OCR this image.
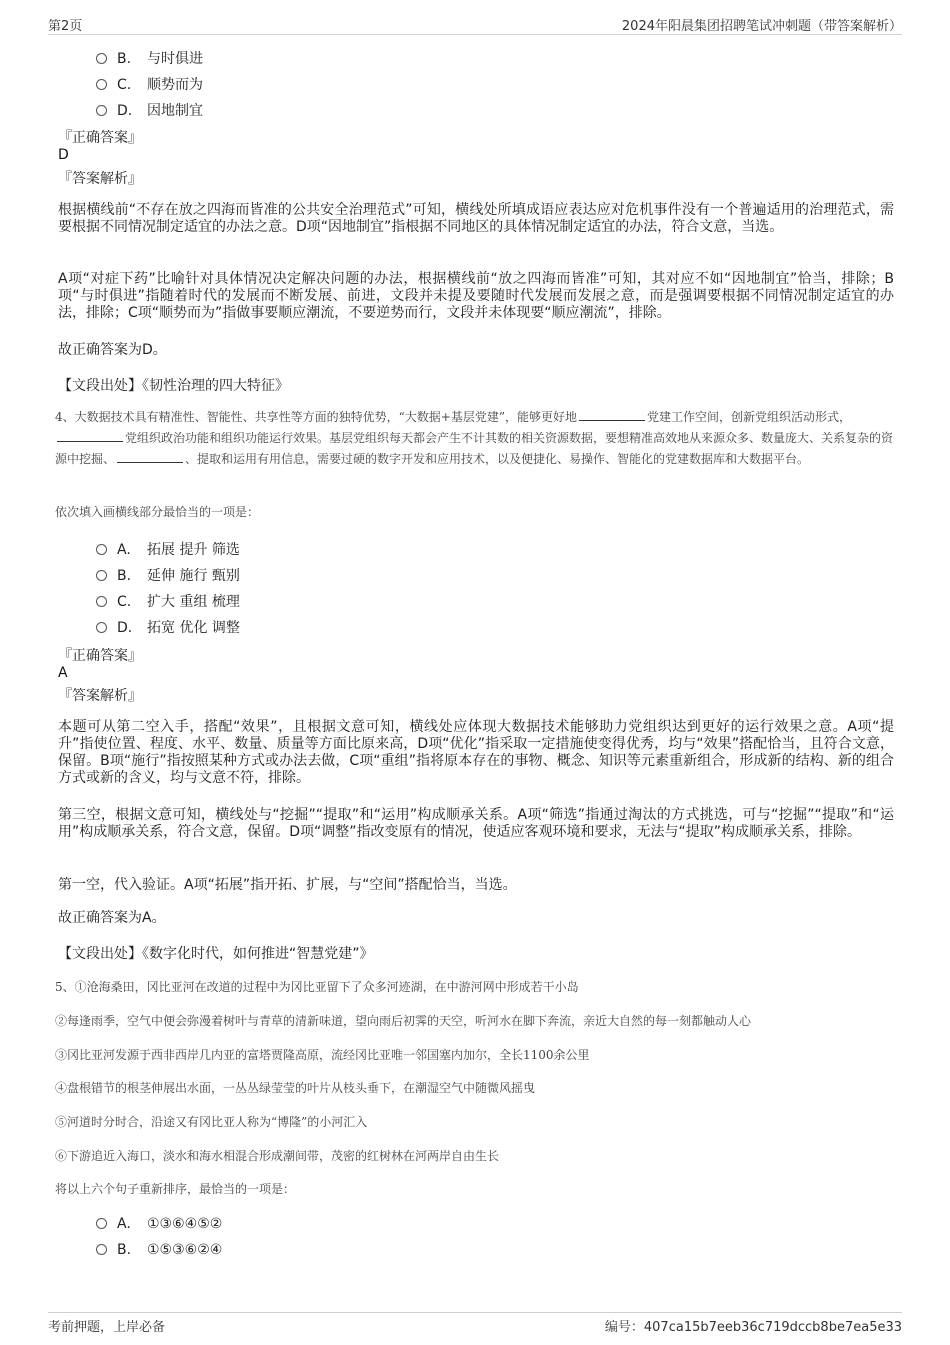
第2页	2024年阳晨集团招聘笔试冲刺题（带答案解析）
B. 与时俱进
C. 顺势而为
D. 因地制宜
『正确答案』
D
『答案解析』
根据横线前“不存在放之四海而皆准的公共安全治理范式”可知，横线处所填成语应表达应对危机事件没有一个普遍适用的治理范式，需要根据不同情况制定适宜的办法之意。D项“因地制宜”指根据不同地区的具体情况制定适宜的办法，符合文意，当选。
A项“对症下药”比喻针对具体情况决定解决问题的办法，根据横线前“放之四海而皆准”可知，其对应不如“因地制宜”恰当，排除；B项“与时俱进”指随着时代的发展而不断发展、前进，文段并未提及要随时代发展而发展之意，而是强调要根据不同情况制定适宜的办法，排除；C项“顺势而为”指做事要顺应潮流，不要逆势而行，文段并未体现要“顺应潮流”，排除。
故正确答案为D。
【文段出处】《韧性治理的四大特征》
4、大数据技术具有精准性、智能性、共享性等方面的独特优势，“大数据+基层党建”，能够更好地	党建工作空间，创新党组织活动形式，党组织政治功能和组织功能运行效果。基层党组织每天都会产生不计其数的相关资源数据，要想精准高效地从来源众多、数量庞大、关系复杂的资源中挖掘、	、提取和运用有用信息，需要过硬的数字开发和应用技术，以及便捷化、易操作、智能化的党建数据库和大数据平台。
依次填入画横线部分最恰当的一项是：
A. 拓展 提升 筛选
B. 延伸 施行 甄别
C. 扩大 重组 梳理
D. 拓宽 优化 调整
『正确答案』
A
『答案解析』
本题可从第二空入手，搭配“效果”，且根据文意可知，横线处应体现大数据技术能够助力党组织达到更好的运行效果之意。A项“提升”指使位置、程度、水平、数量、质量等方面比原来高，D项“优化”指采取一定措施使变得优秀，均与“效果”搭配恰当，且符合文意，保留。B项“施行”指按照某种方式或办法去做，C项“重组”指将原本存在的事物、概念、知识等元素重新组合，形成新的结构、新的组合方式或新的含义，均与文意不符，排除。
第三空，根据文意可知，横线处与“挖掘”“提取”和“运用”构成顺承关系。A项“筛选”指通过淘汰的方式挑选，可与“挖掘”“提取”和“运用”构成顺承关系，符合文意，保留。D项“调整”指改变原有的情况，使适应客观环境和要求，无法与“提取”构成顺承关系，排除。
第一空，代入验证。A项“拓展”指开拓、扩展，与“空间”搭配恰当，当选。
故正确答案为A。
【文段出处】《数字化时代，如何推进“智慧党建”》
5、①沧海桑田，冈比亚河在改道的过程中为冈比亚留下了众多河迹湖，在中游河网中形成若干小岛
②每逢雨季，空气中便会弥漫着树叶与青草的清新味道，望向雨后初霁的天空，听河水在脚下奔流，亲近大自然的每一刻都触动人心
③冈比亚河发源于西非西岸几内亚的富塔贾隆高原，流经冈比亚唯一邻国塞内加尔，全长1100余公里
④盘根错节的根茎伸展出水面，一丛丛绿莹莹的叶片从枝头垂下，在潮湿空气中随微风摇曳
⑤河道时分时合，沿途又有冈比亚人称为“博隆”的小河汇入
⑥下游追近入海口，淡水和海水相混合形成潮间带，茂密的红树林在河两岸自由生长
将以上六个句子重新排序，最恰当的一项是：
A. ①③⑥④⑤②
B. ①⑤③⑥②④
考前押题，上岸必备	编号：407ca15b7eeb36c719dccb8be7ea5e33
